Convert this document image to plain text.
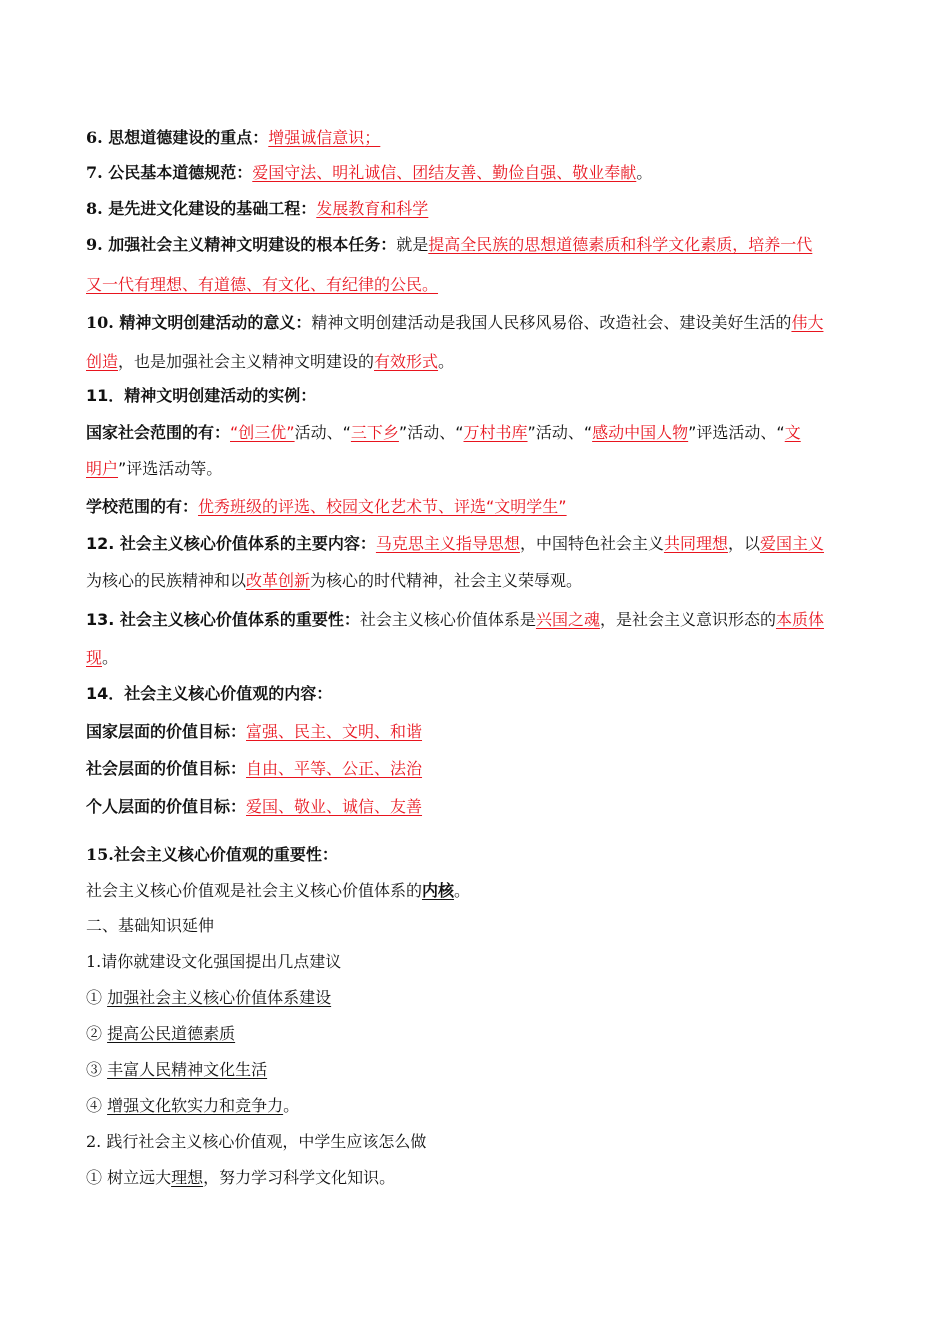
6. 思想道德建设的重点：增强诚信意识；
7. 公民基本道德规范：爱国守法、明礼诚信、团结友善、勤俭自强、敬业奉献。
8. 是先进文化建设的基础工程：发展教育和科学
9. 加强社会主义精神文明建设的根本任务：就是提高全民族的思想道德素质和科学文化素质，培养一代
又一代有理想、有道德、有文化、有纪律的公民。
10. 精神文明创建活动的意义：精神文明创建活动是我国人民移风易俗、改造社会、建设美好生活的伟大
创造，也是加强社会主义精神文明建设的有效形式。
11．精神文明创建活动的实例：
国家社会范围的有：“创三优”活动、“三下乡”活动、“万村书库”活动、“感动中国人物”评选活动、“文
明户”评选活动等。
学校范围的有：优秀班级的评选、校园文化艺术节、评选“文明学生”
12. 社会主义核心价值体系的主要内容：马克思主义指导思想，中国特色社会主义共同理想，以爱国主义
为核心的民族精神和以改革创新为核心的时代精神，社会主义荣辱观。
13. 社会主义核心价值体系的重要性：社会主义核心价值体系是兴国之魂，是社会主义意识形态的本质体
现。
14．社会主义核心价值观的内容：
国家层面的价值目标：富强、民主、文明、和谐
社会层面的价值目标：自由、平等、公正、法治
个人层面的价值目标：爱国、敬业、诚信、友善
15.社会主义核心价值观的重要性：
社会主义核心价值观是社会主义核心价值体系的内核。
二、基础知识延伸
1.请你就建设文化强国提出几点建议
① 加强社会主义核心价值体系建设
② 提高公民道德素质
③ 丰富人民精神文化生活
④ 增强文化软实力和竞争力。
2. 践行社会主义核心价值观，中学生应该怎么做
① 树立远大理想，努力学习科学文化知识。
